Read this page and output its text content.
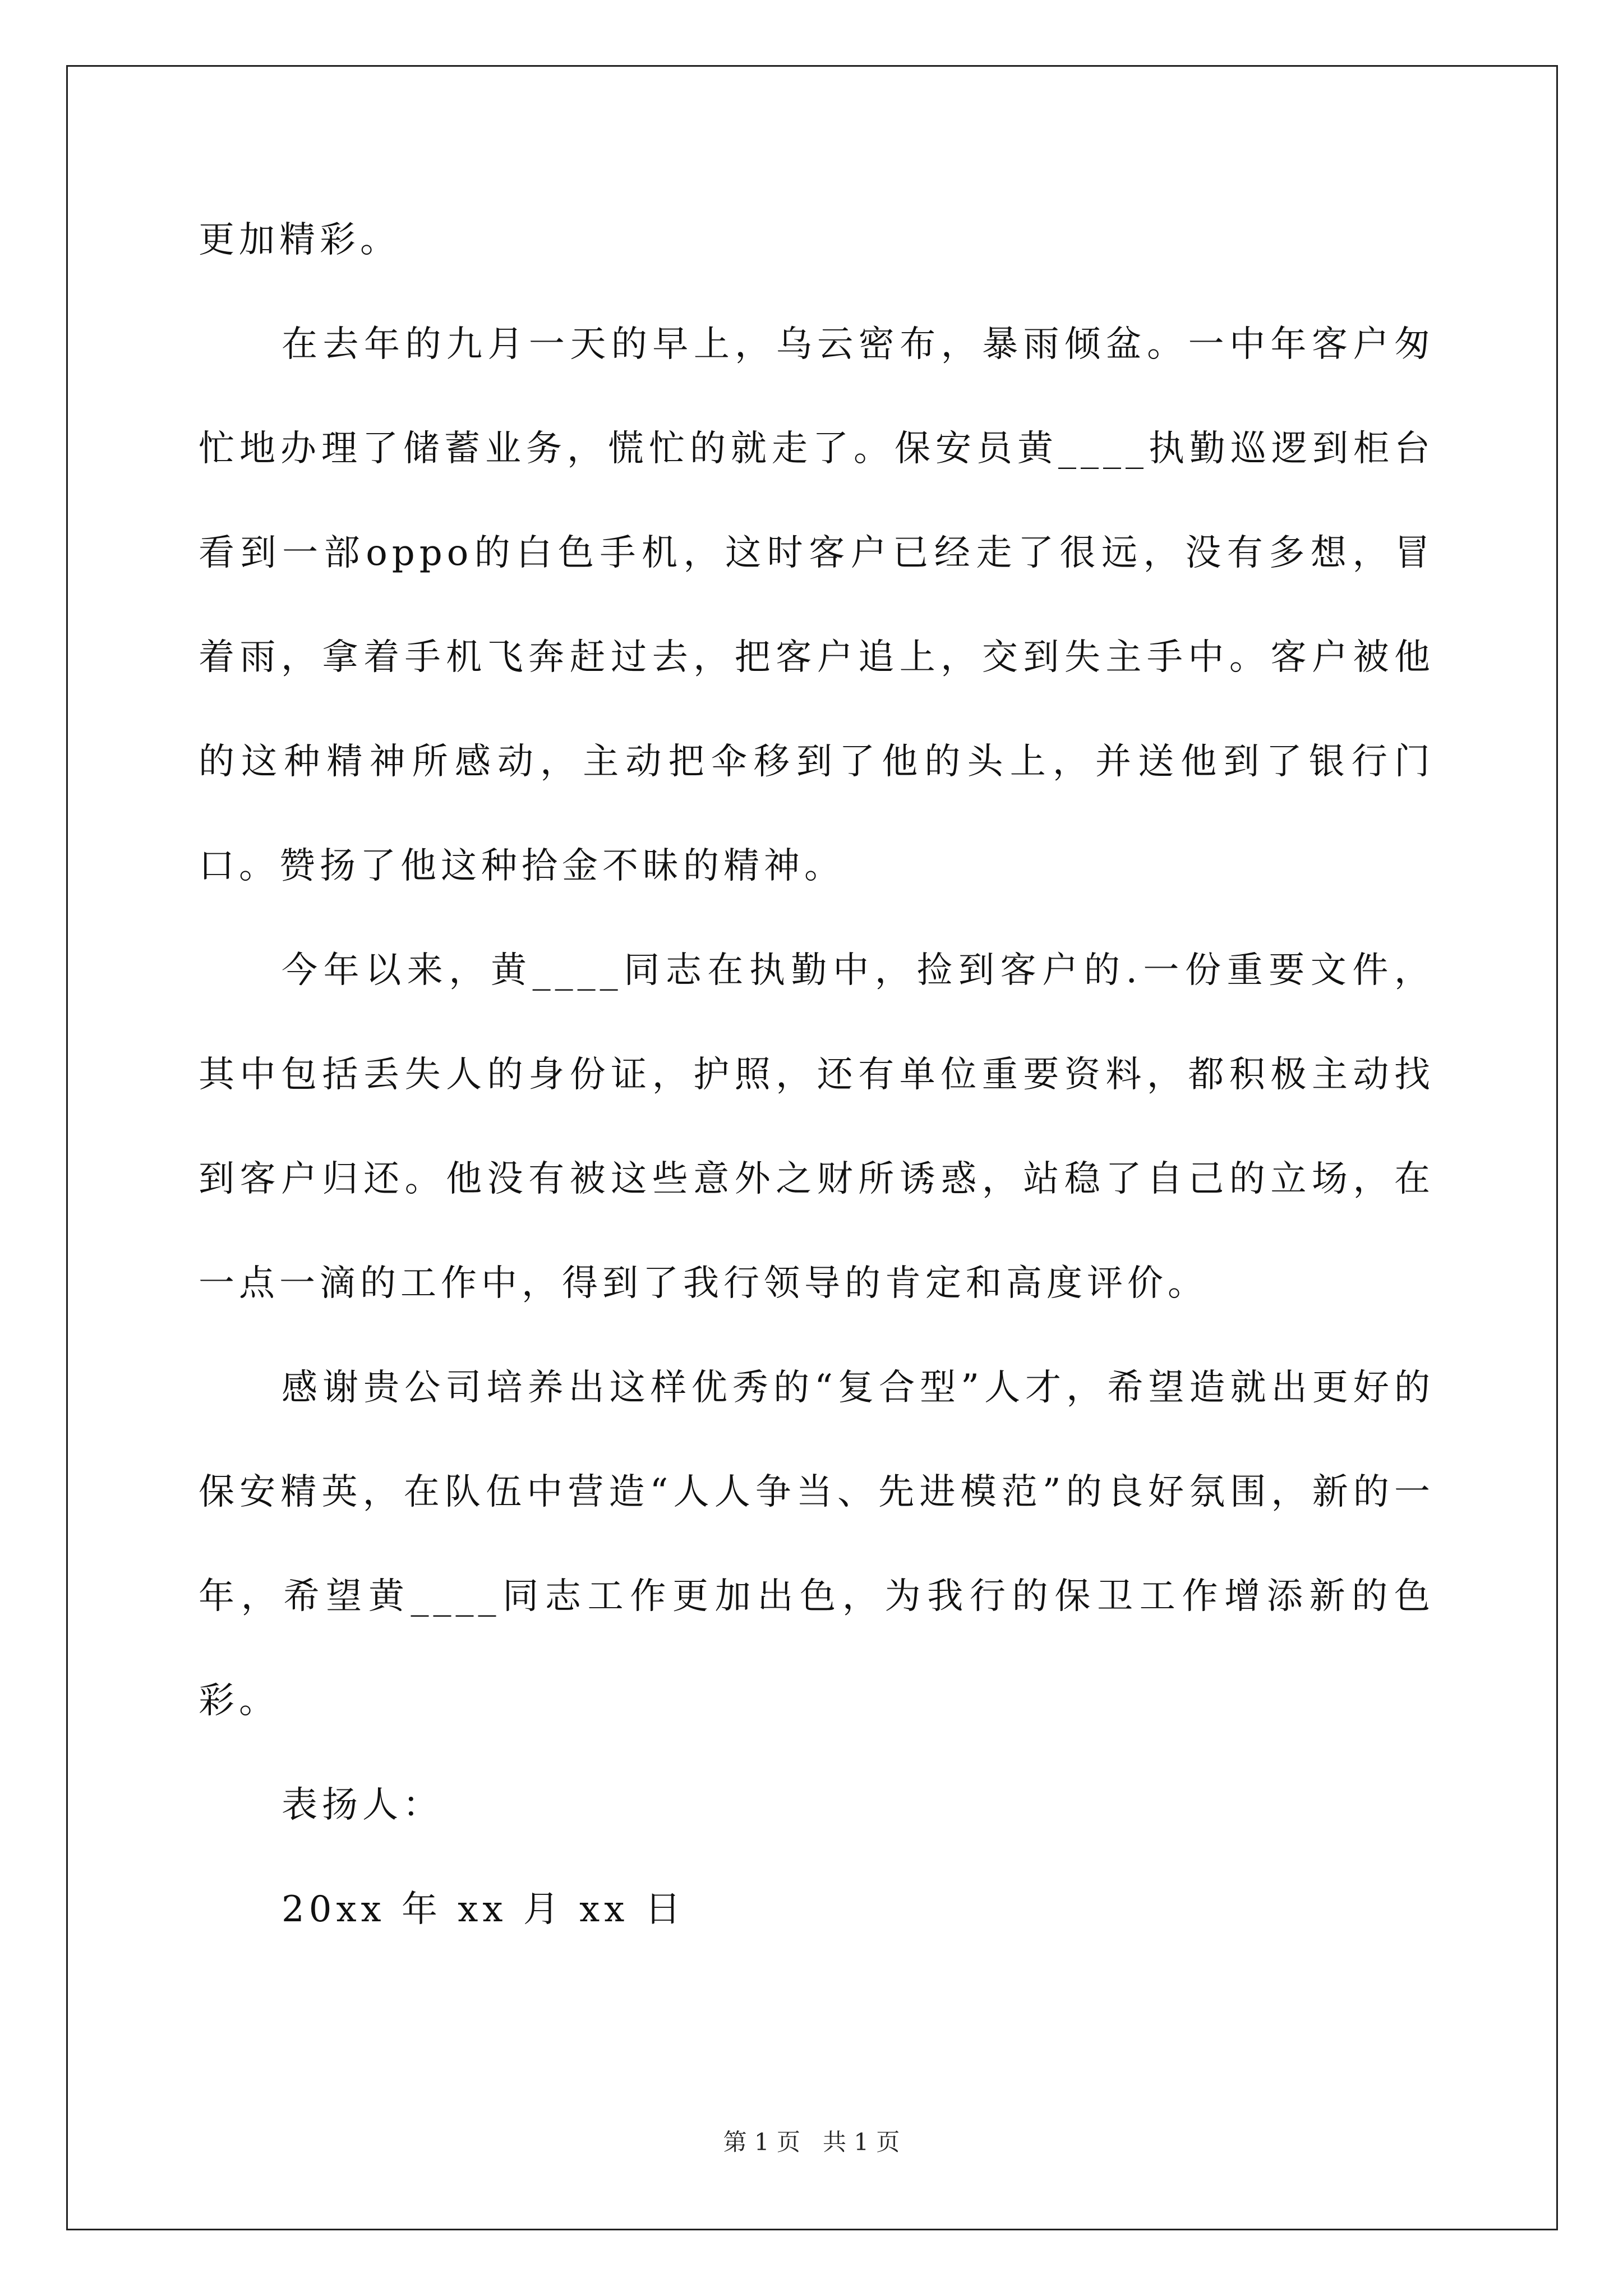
更加精彩。

在去年的九月一天的早上，乌云密布，暴雨倾盆。一中年客户匆忙地办理了储蓄业务，慌忙的就走了。保安员黄____执勤巡逻到柜台看到一部oppo的白色手机，这时客户已经走了很远，没有多想，冒着雨，拿着手机飞奔赶过去，把客户追上，交到失主手中。客户被他的这种精神所感动，主动把伞移到了他的头上，并送他到了银行门口。赞扬了他这种拾金不昧的精神。

今年以来，黄____同志在执勤中，捡到客户的.一份重要文件，其中包括丢失人的身份证，护照，还有单位重要资料，都积极主动找到客户归还。他没有被这些意外之财所诱惑，站稳了自己的立场，在一点一滴的工作中，得到了我行领导的肯定和高度评价。

感谢贵公司培养出这样优秀的“复合型”人才，希望造就出更好的保安精英，在队伍中营造“人人争当、先进模范”的良好氛围，新的一年，希望黄____同志工作更加出色，为我行的保卫工作增添新的色彩。

表扬人：

20xx 年 xx 月 xx 日

第 1 页 共 1 页
